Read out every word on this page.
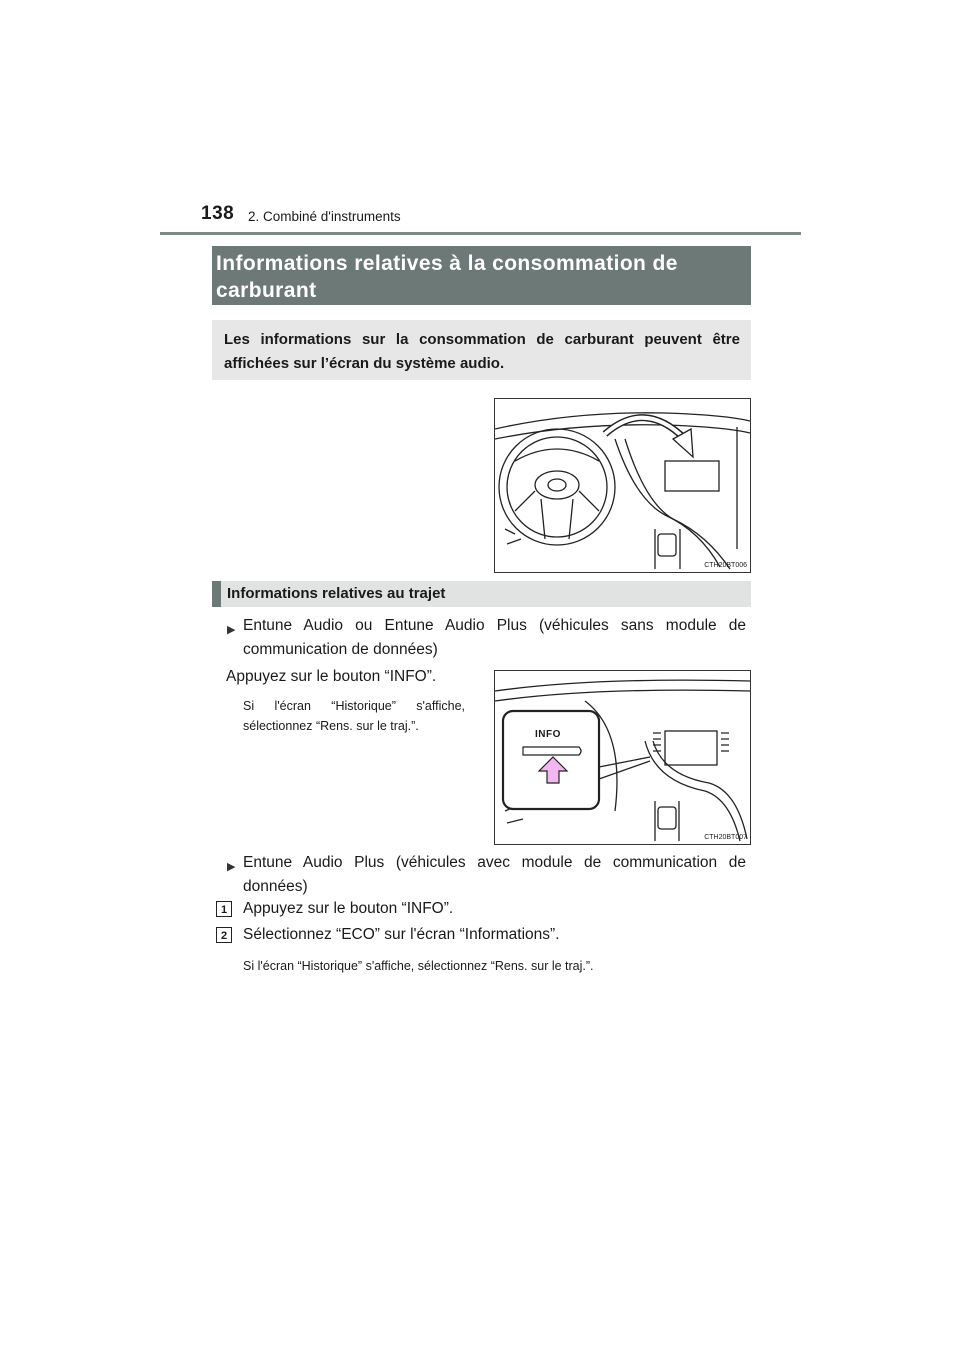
138 2. Combiné d'instruments
Informations relatives à la consommation de carburant
Les informations sur la consommation de carburant peuvent être affichées sur l’écran du système audio.
CTH20BT006
Informations relatives au trajet
▶ Entune Audio ou Entune Audio Plus (véhicules sans module de communication de données)
Appuyez sur le bouton “INFO”.
Si l'écran “Historique” s'affiche, sélectionnez “Rens. sur le traj.”.
INFO
CTH20BT007
▶ Entune Audio Plus (véhicules avec module de communication de données)
1	Appuyez sur le bouton “INFO”.
2	Sélectionnez “ECO” sur l'écran “Informations”.
Si l'écran “Historique” s'affiche, sélectionnez “Rens. sur le traj.”.
